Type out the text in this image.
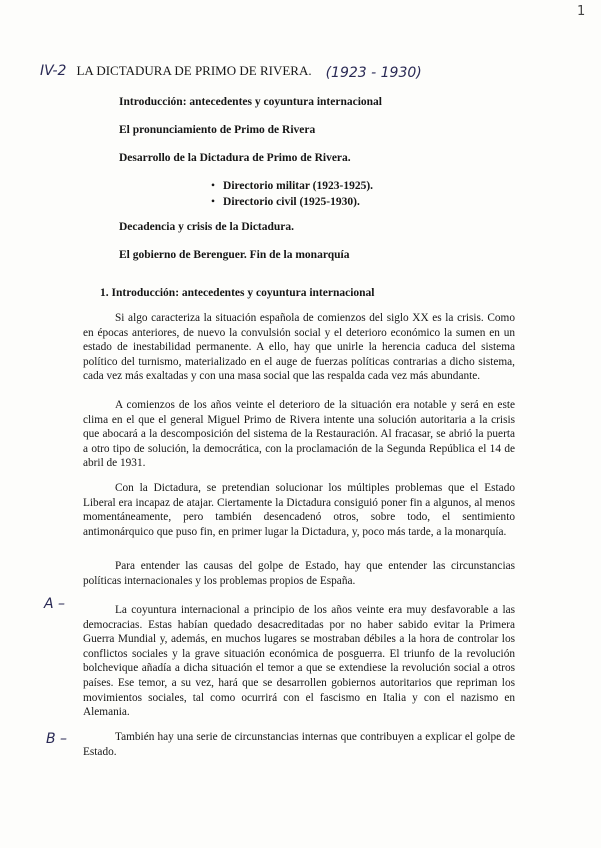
1
IV-2 LA DICTADURA DE PRIMO DE RIVERA. (1923 - 1930)
Introducción: antecedentes y coyuntura internacional
El pronunciamiento de Primo de Rivera
Desarrollo de la Dictadura de Primo de Rivera.
• Directorio militar (1923-1925).
• Directorio civil (1925-1930).
Decadencia y crisis de la Dictadura.
El gobierno de Berenguer. Fin de la monarquía
1. Introducción: antecedentes y coyuntura internacional

Si algo caracteriza la situación española de comienzos del siglo XX es la crisis. Como en épocas anteriores, de nuevo la convulsión social y el deterioro económico la sumen en un estado de inestabilidad permanente. A ello, hay que unirle la herencia caduca del sistema político del turnismo, materializado en el auge de fuerzas políticas contrarias a dicho sistema, cada vez más exaltadas y con una masa social que las respalda cada vez más abundante.

A comienzos de los años veinte el deterioro de la situación era notable y será en este clima en el que el general Miguel Primo de Rivera intente una solución autoritaria a la crisis que abocará a la descomposición del sistema de la Restauración. Al fracasar, se abrió la puerta a otro tipo de solución, la democrática, con la proclamación de la Segunda República el 14 de abril de 1931.

Con la Dictadura, se pretendian solucionar los múltiples problemas que el Estado Liberal era incapaz de atajar. Ciertamente la Dictadura consiguió poner fin a algunos, al menos momentáneamente, pero también desencadenó otros, sobre todo, el sentimiento antimonárquico que puso fin, en primer lugar la Dictadura, y, poco más tarde, a la monarquía.

Para entender las causas del golpe de Estado, hay que entender las circunstancias políticas internacionales y los problemas propios de España.

A –	La coyuntura internacional a principio de los años veinte era muy desfavorable a las democracias. Estas habían quedado desacreditadas por no haber sabido evitar la Primera Guerra Mundial y, además, en muchos lugares se mostraban débiles a la hora de controlar los conflictos sociales y la grave situación económica de posguerra. El triunfo de la revolución bolchevique añadía a dicha situación el temor a que se extendiese la revolución social a otros países. Ese temor, a su vez, hará que se desarrollen gobiernos autoritarios que repriman los movimientos sociales, tal como ocurrirá con el fascismo en Italia y con el nazismo en Alemania.

B –	También hay una serie de circunstancias internas que contribuyen a explicar el golpe de Estado.
